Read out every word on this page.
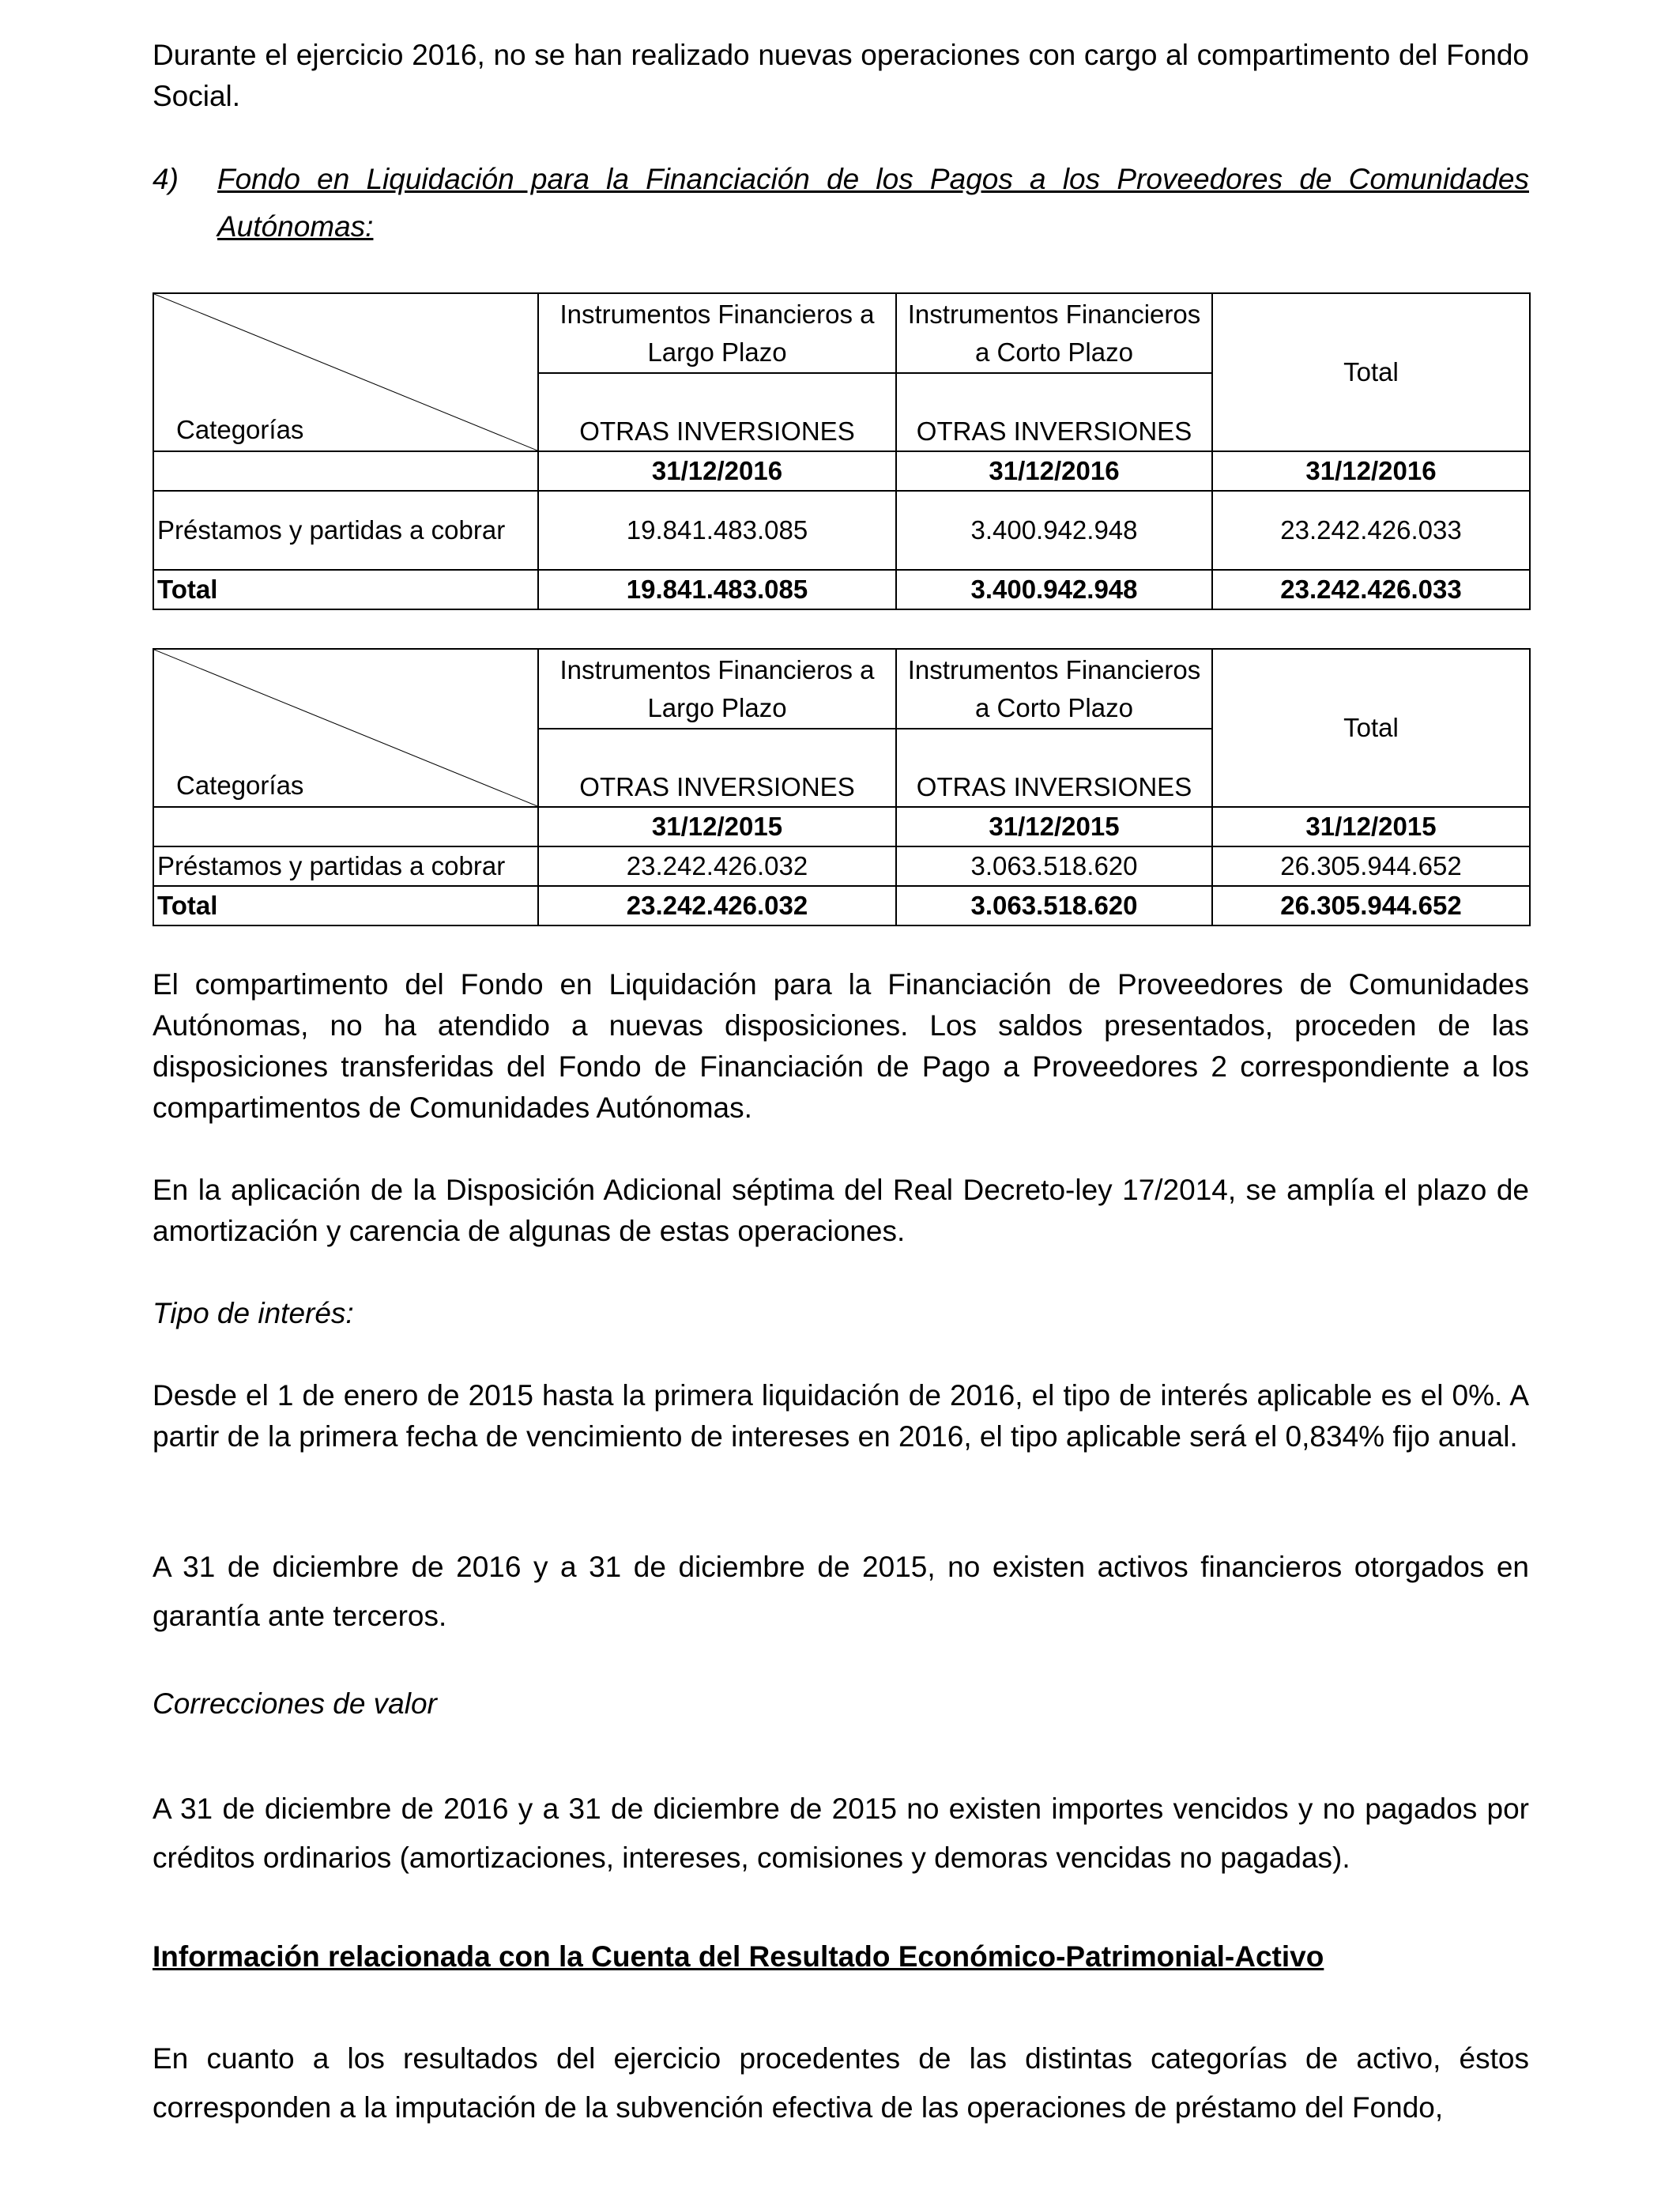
Durante el ejercicio 2016, no se han realizado nuevas operaciones con cargo al compartimento del Fondo Social.

4) Fondo en Liquidación para la Financiación de los Pagos a los Proveedores de Comunidades Autónomas:
Categorías	Instrumentos Financieros a Largo Plazo	Instrumentos Financieros a Corto Plazo	Total
	OTRAS INVERSIONES	OTRAS INVERSIONES	
	31/12/2016	31/12/2016	31/12/2016
Préstamos y partidas a cobrar	19.841.483.085	3.400.942.948	23.242.426.033
Total	19.841.483.085	3.400.942.948	23.242.426.033
Categorías	Instrumentos Financieros a Largo Plazo	Instrumentos Financieros a Corto Plazo	Total
	OTRAS INVERSIONES	OTRAS INVERSIONES	
	31/12/2015	31/12/2015	31/12/2015
Préstamos y partidas a cobrar	23.242.426.032	3.063.518.620	26.305.944.652
Total	23.242.426.032	3.063.518.620	26.305.944.652

El compartimento del Fondo en Liquidación para la Financiación de Proveedores de Comunidades Autónomas, no ha atendido a nuevas disposiciones. Los saldos presentados, proceden de las disposiciones transferidas del Fondo de Financiación de Pago a Proveedores 2 correspondiente a los compartimentos de Comunidades Autónomas.

En la aplicación de la Disposición Adicional séptima del Real Decreto-ley 17/2014, se amplía el plazo de amortización y carencia de algunas de estas operaciones.

Tipo de interés:

Desde el 1 de enero de 2015 hasta la primera liquidación de 2016, el tipo de interés aplicable es el 0%. A partir de la primera fecha de vencimiento de intereses en 2016, el tipo aplicable será el 0,834% fijo anual.

A 31 de diciembre de 2016 y a 31 de diciembre de 2015, no existen activos financieros otorgados en garantía ante terceros.

Correcciones de valor

A 31 de diciembre de 2016 y a 31 de diciembre de 2015 no existen importes vencidos y no pagados por créditos ordinarios (amortizaciones, intereses, comisiones y demoras vencidas no pagadas).

Información relacionada con la Cuenta del Resultado Económico-Patrimonial-Activo

En cuanto a los resultados del ejercicio procedentes de las distintas categorías de activo, éstos corresponden a la imputación de la subvención efectiva de las operaciones de préstamo del Fondo,
